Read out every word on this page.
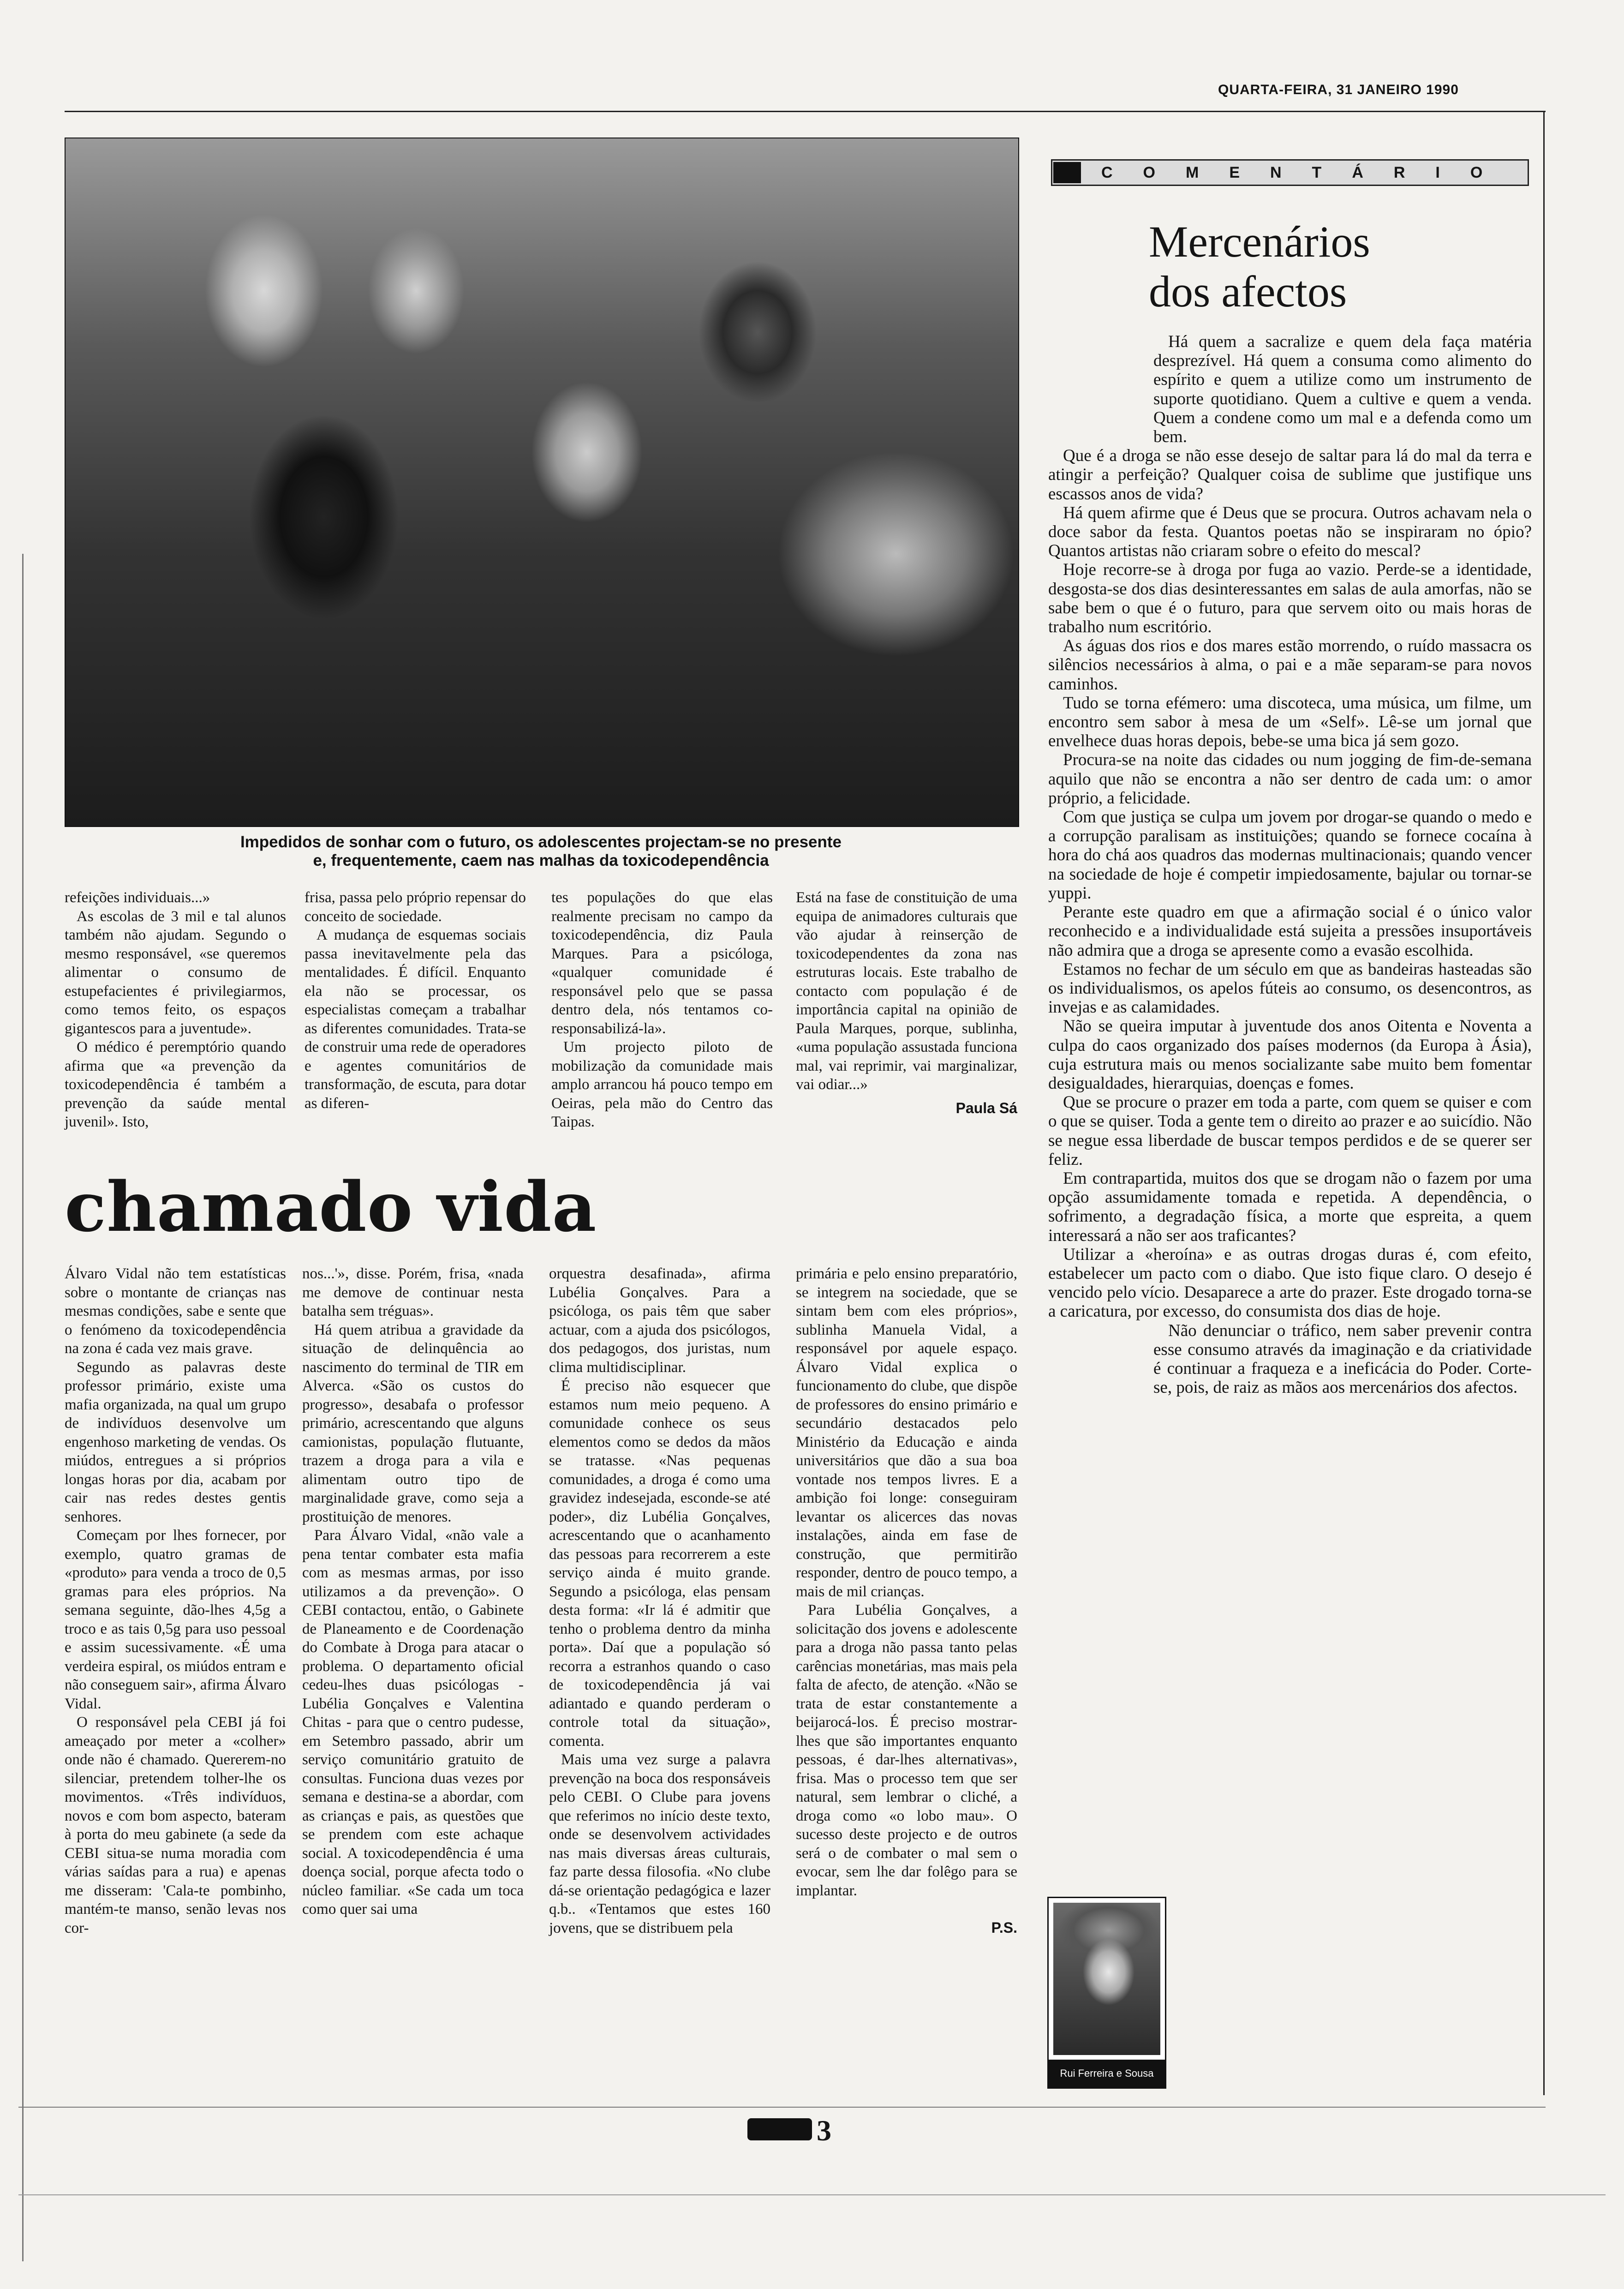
QUARTA-FEIRA, 31 JANEIRO 1990
Impedidos de sonhar com o futuro, os adolescentes projectam-se no presente
e, frequentemente, caem nas malhas da toxicodependência

refeições individuais...»

As escolas de 3 mil e tal alunos também não ajudam. Segundo o mesmo responsável, «se queremos alimentar o consumo de estupefacientes é privilegiarmos, como temos feito, os espaços gigantescos para a juventude».

O médico é peremptório quando afirma que «a prevenção da toxicodependência é também a prevenção da saúde mental juvenil». Isto,

frisa, passa pelo próprio repensar do conceito de sociedade.

A mudança de esquemas sociais passa inevitavelmente pela das mentalidades. É difícil. Enquanto ela não se processar, os especialistas começam a trabalhar as diferentes comunidades. Trata-se de construir uma rede de operadores e agentes comunitários de transformação, de escuta, para dotar as diferen-

tes populações do que elas realmente precisam no campo da toxicodependência, diz Paula Marques. Para a psicóloga, «qualquer comunidade é responsável pelo que se passa dentro dela, nós tentamos co-responsabilizá-la».

Um projecto piloto de mobilização da comunidade mais amplo arrancou há pouco tempo em Oeiras, pela mão do Centro das Taipas.

Está na fase de constituição de uma equipa de animadores culturais que vão ajudar à reinserção de toxicodependentes da zona nas estruturas locais. Este trabalho de contacto com população é de importância capital na opinião de Paula Marques, porque, sublinha, «uma população assustada funciona mal, vai reprimir, vai marginalizar, vai odiar...»

Paula Sá
chamado vida

Álvaro Vidal não tem estatísticas sobre o montante de crianças nas mesmas condições, sabe e sente que o fenómeno da toxicodependência na zona é cada vez mais grave.

Segundo as palavras deste professor primário, existe uma mafia organizada, na qual um grupo de indivíduos desenvolve um engenhoso marketing de vendas. Os miúdos, entregues a si próprios longas horas por dia, acabam por cair nas redes destes gentis senhores.

Começam por lhes fornecer, por exemplo, quatro gramas de «produto» para venda a troco de 0,5 gramas para eles próprios. Na semana seguinte, dão-lhes 4,5g a troco e as tais 0,5g para uso pessoal e assim sucessivamente. «É uma verdeira espiral, os miúdos entram e não conseguem sair», afirma Álvaro Vidal.

O responsável pela CEBI já foi ameaçado por meter a «colher» onde não é chamado. Quererem-no silenciar, pretendem tolher-lhe os movimentos. «Três indivíduos, novos e com bom aspecto, bateram à porta do meu gabinete (a sede da CEBI situa-se numa moradia com várias saídas para a rua) e apenas me disseram: 'Cala-te pombinho, mantém-te manso, senão levas nos cor-

nos...'», disse. Porém, frisa, «nada me demove de continuar nesta batalha sem tréguas».

Há quem atribua a gravidade da situação de delinquência ao nascimento do terminal de TIR em Alverca. «São os custos do progresso», desabafa o professor primário, acrescentando que alguns camionistas, população flutuante, trazem a droga para a vila e alimentam outro tipo de marginalidade grave, como seja a prostituição de menores.

Para Álvaro Vidal, «não vale a pena tentar combater esta mafia com as mesmas armas, por isso utilizamos a da prevenção». O CEBI contactou, então, o Gabinete de Planeamento e de Coordenação do Combate à Droga para atacar o problema. O departamento oficial cedeu-lhes duas psicólogas - Lubélia Gonçalves e Valentina Chitas - para que o centro pudesse, em Setembro passado, abrir um serviço comunitário gratuito de consultas. Funciona duas vezes por semana e destina-se a abordar, com as crianças e pais, as questões que se prendem com este achaque social. A toxicodependência é uma doença social, porque afecta todo o núcleo familiar. «Se cada um toca como quer sai uma

orquestra desafinada», afirma Lubélia Gonçalves. Para a psicóloga, os pais têm que saber actuar, com a ajuda dos psicólogos, dos pedagogos, dos juristas, num clima multidisciplinar.

É preciso não esquecer que estamos num meio pequeno. A comunidade conhece os seus elementos como se dedos da mãos se tratasse. «Nas pequenas comunidades, a droga é como uma gravidez indesejada, esconde-se até poder», diz Lubélia Gonçalves, acrescentando que o acanhamento das pessoas para recorrerem a este serviço ainda é muito grande. Segundo a psicóloga, elas pensam desta forma: «Ir lá é admitir que tenho o problema dentro da minha porta». Daí que a população só recorra a estranhos quando o caso de toxicodependência já vai adiantado e quando perderam o controle total da situação», comenta.

Mais uma vez surge a palavra prevenção na boca dos responsáveis pelo CEBI. O Clube para jovens que referimos no início deste texto, onde se desenvolvem actividades nas mais diversas áreas culturais, faz parte dessa filosofia. «No clube dá-se orientação pedagógica e lazer q.b.. «Tentamos que estes 160 jovens, que se distribuem pela

primária e pelo ensino preparatório, se integrem na sociedade, que se sintam bem com eles próprios», sublinha Manuela Vidal, a responsável por aquele espaço. Álvaro Vidal explica o funcionamento do clube, que dispõe de professores do ensino primário e secundário destacados pelo Ministério da Educação e ainda universitários que dão a sua boa vontade nos tempos livres. E a ambição foi longe: conseguiram levantar os alicerces das novas instalações, ainda em fase de construção, que permitirão responder, dentro de pouco tempo, a mais de mil crianças.

Para Lubélia Gonçalves, a solicitação dos jovens e adolescente para a droga não passa tanto pelas carências monetárias, mas mais pela falta de afecto, de atenção. «Não se trata de estar constantemente a beijarocá-los. É preciso mostrar-lhes que são importantes enquanto pessoas, é dar-lhes alternativas», frisa. Mas o processo tem que ser natural, sem lembrar o cliché, a droga como «o lobo mau». O sucesso deste projecto e de outros será o de combater o mal sem o evocar, sem lhe dar folêgo para se implantar.

P.S.
COMENTÁRIO
Mercenários
dos afectos

Há quem a sacralize e quem dela faça matéria desprezível. Há quem a consuma como alimento do espírito e quem a utilize como um instrumento de suporte quotidiano. Quem a cultive e quem a venda. Quem a condene como um mal e a defenda como um bem.

Que é a droga se não esse desejo de saltar para lá do mal da terra e atingir a perfeição? Qualquer coisa de sublime que justifique uns escassos anos de vida?

Há quem afirme que é Deus que se procura. Outros achavam nela o doce sabor da festa. Quantos poetas não se inspiraram no ópio? Quantos artistas não criaram sobre o efeito do mescal?

Hoje recorre-se à droga por fuga ao vazio. Perde-se a identidade, desgosta-se dos dias desinteressantes em salas de aula amorfas, não se sabe bem o que é o futuro, para que servem oito ou mais horas de trabalho num escritório.

As águas dos rios e dos mares estão morrendo, o ruído massacra os silêncios necessários à alma, o pai e a mãe separam-se para novos caminhos.

Tudo se torna efémero: uma discoteca, uma música, um filme, um encontro sem sabor à mesa de um «Self». Lê-se um jornal que envelhece duas horas depois, bebe-se uma bica já sem gozo.

Procura-se na noite das cidades ou num jogging de fim-de-semana aquilo que não se encontra a não ser dentro de cada um: o amor próprio, a felicidade.

Com que justiça se culpa um jovem por drogar-se quando o medo e a corrupção paralisam as instituições; quando se fornece cocaína à hora do chá aos quadros das modernas multinacionais; quando vencer na sociedade de hoje é competir impiedosamente, bajular ou tornar-se yuppi.

Perante este quadro em que a afirmação social é o único valor reconhecido e a individualidade está sujeita a pressões insuportáveis não admira que a droga se apresente como a evasão escolhida.

Estamos no fechar de um século em que as bandeiras hasteadas são os individualismos, os apelos fúteis ao consumo, os desencontros, as invejas e as calamidades.

Não se queira imputar à juventude dos anos Oitenta e Noventa a culpa do caos organizado dos países modernos (da Europa à Ásia), cuja estrutura mais ou menos socializante sabe muito bem fomentar desigualdades, hierarquias, doenças e fomes.

Que se procure o prazer em toda a parte, com quem se quiser e com o que se quiser. Toda a gente tem o direito ao prazer e ao suicídio. Não se negue essa liberdade de buscar tempos perdidos e de se querer ser feliz.

Em contrapartida, muitos dos que se drogam não o fazem por uma opção assumidamente tomada e repetida. A dependência, o sofrimento, a degradação física, a morte que espreita, a quem interessará a não ser aos traficantes?

Utilizar a «heroína» e as outras drogas duras é, com efeito, estabelecer um pacto com o diabo. Que isto fique claro. O desejo é vencido pelo vício. Desaparece a arte do prazer. Este drogado torna-se a caricatura, por excesso, do consumista dos dias de hoje.

Não denunciar o tráfico, nem saber prevenir contra esse consumo através da imaginação e da criatividade é continuar a fraqueza e a ineficácia do Poder. Corte-se, pois, de raiz as mãos aos mercenários dos afectos.

Rui Ferreira e Sousa
3
